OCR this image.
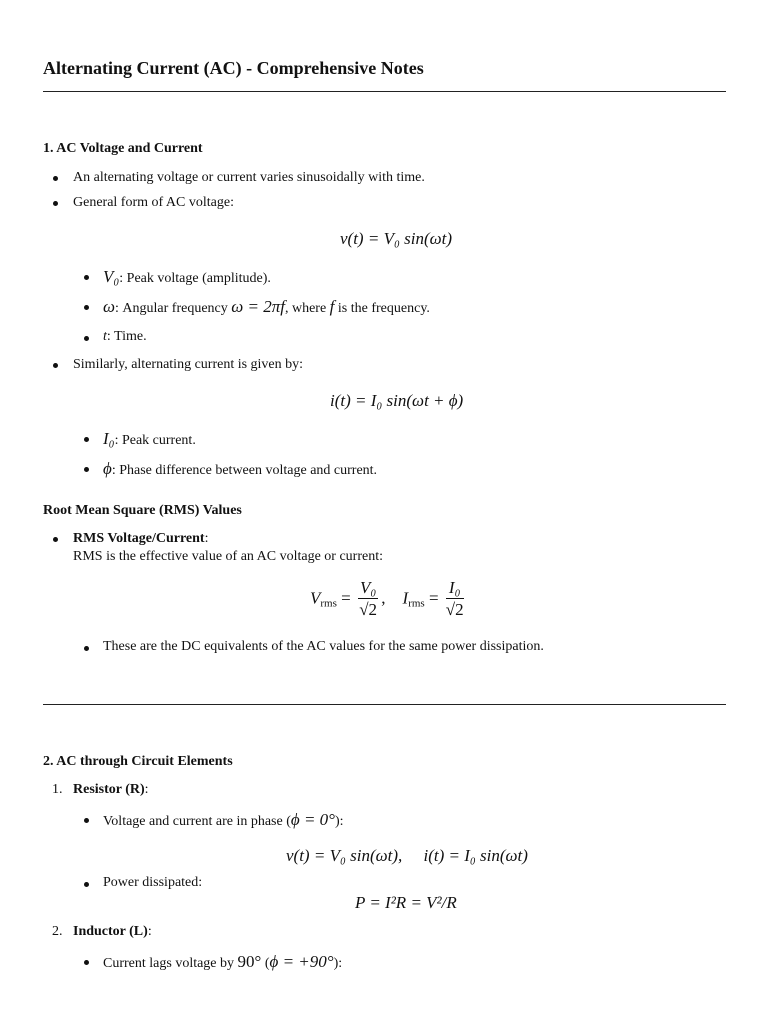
Alternating Current (AC) - Comprehensive Notes
1. AC Voltage and Current
An alternating voltage or current varies sinusoidally with time.
General form of AC voltage:
v(t) = V₀ sin(ωt)
V₀: Peak voltage (amplitude).
ω: Angular frequency ω = 2πf, where f is the frequency.
t: Time.
Similarly, alternating current is given by:
i(t) = I₀ sin(ωt + ϕ)
I₀: Peak current.
ϕ: Phase difference between voltage and current.
Root Mean Square (RMS) Values
RMS Voltage/Current:
RMS is the effective value of an AC voltage or current:
$V_{rms} = \frac{\text{V₀}}{√2}$ ,    $I_{rms} = \frac{\text{I₀}}{√2}$
These are the DC equivalents of the AC values for the same power dissipation.
2. AC through Circuit Elements
1. Resistor (R):
Voltage and current are in phase (ϕ = 0°):
v(t) = V₀ sin(ωt),     i(t) = I₀ sin(ωt)
Power dissipated:
P = I²R = V²/R
2. Inductor (L):
Current lags voltage by 90° (ϕ = +90°):
